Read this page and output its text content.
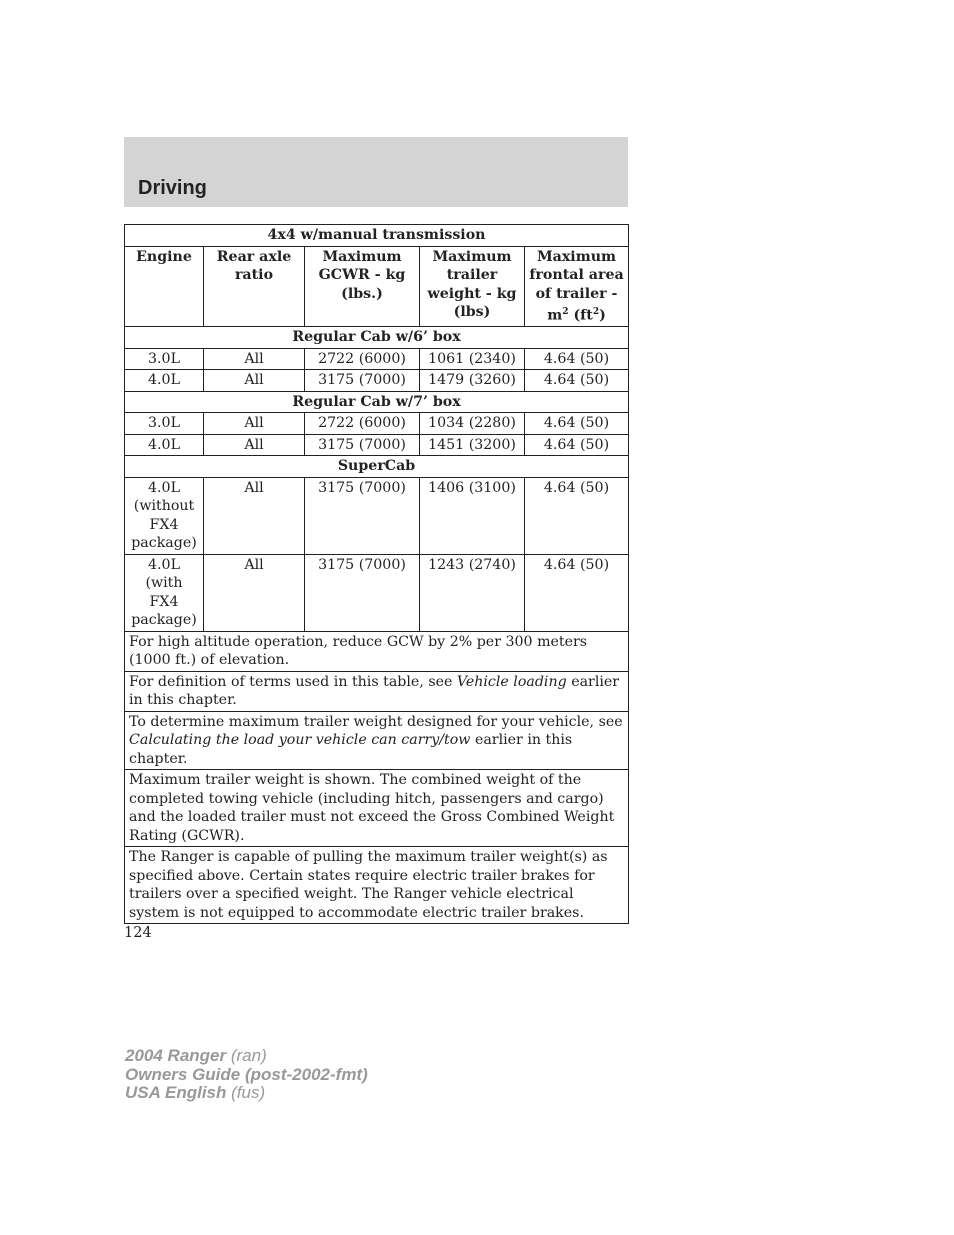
Driving
4x4 w/manual transmission				
Engine	Rear axle ratio	Maximum GCWR - kg (lbs.)	Maximum trailer weight - kg (lbs)	Maximum frontal area of trailer - $m^2$ $(ft^2)$
Regular Cab w/6’ box				
3.0L	All	2722 (6000)	1061 (2340)	4.64 (50)
4.0L	All	3175 (7000)	1479 (3260)	4.64 (50)
Regular Cab w/7’ box				
3.0L	All	2722 (6000)	1034 (2280)	4.64 (50)
4.0L	All	3175 (7000)	1451 (3200)	4.64 (50)
SuperCab				
4.0L (without FX4 package)	All	3175 (7000)	1406 (3100)	4.64 (50)
4.0L (with FX4 package)	All	3175 (7000)	1243 (2740)	4.64 (50)
For high altitude operation, reduce GCW by 2% per 300 meters (1000 ft.) of elevation.				
For definition of terms used in this table, see Vehicle loading earlier in this chapter.				
To determine maximum trailer weight designed for your vehicle, see Calculating the load your vehicle can carry/tow earlier in this chapter.				
Maximum trailer weight is shown. The combined weight of the completed towing vehicle (including hitch, passengers and cargo) and the loaded trailer must not exceed the Gross Combined Weight Rating (GCWR).				
The Ranger is capable of pulling the maximum trailer weight(s) as specified above. Certain states require electric trailer brakes for trailers over a specified weight. The Ranger vehicle electrical system is not equipped to accommodate electric trailer brakes.				
124
2004 Ranger (ran)
Owners Guide (post-2002-fmt)
USA English (fus)
